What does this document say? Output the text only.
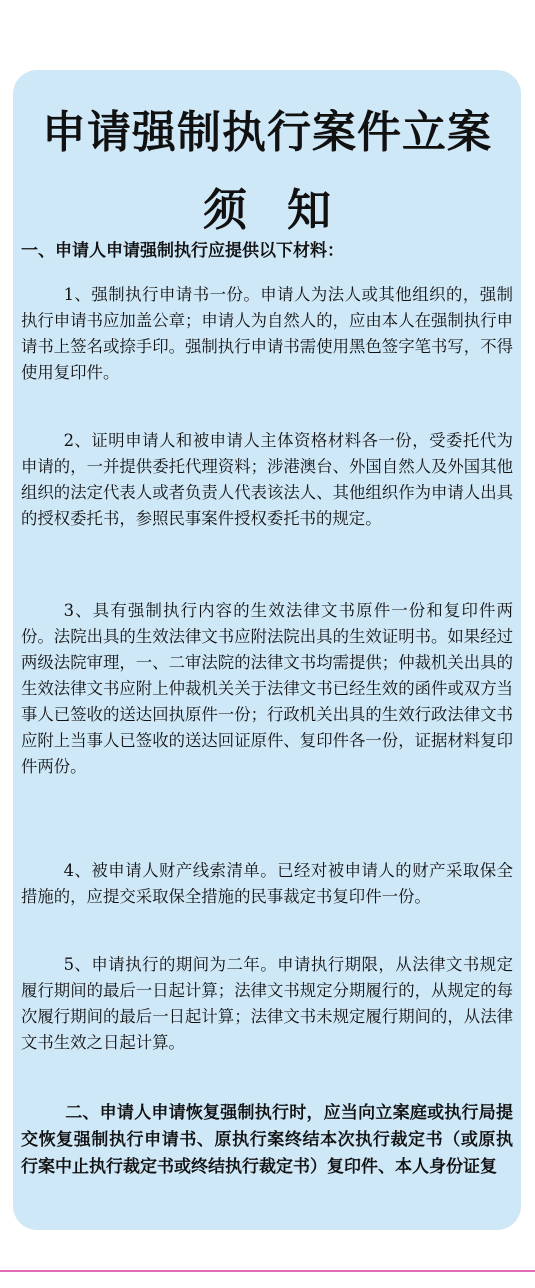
申请强制执行案件立案
须知
一、申请人申请强制执行应提供以下材料：

1、强制执行申请书一份。申请人为法人或其他组织的，强制执行申请书应加盖公章；申请人为自然人的，应由本人在强制执行申请书上签名或捺手印。强制执行申请书需使用黑色签字笔书写，不得使用复印件。

2、证明申请人和被申请人主体资格材料各一份，受委托代为申请的，一并提供委托代理资料；涉港澳台、外国自然人及外国其他组织的法定代表人或者负责人代表该法人、其他组织作为申请人出具的授权委托书，参照民事案件授权委托书的规定。

3、具有强制执行内容的生效法律文书原件一份和复印件两份。法院出具的生效法律文书应附法院出具的生效证明书。如果经过两级法院审理，一、二审法院的法律文书均需提供；仲裁机关出具的生效法律文书应附上仲裁机关关于法律文书已经生效的函件或双方当事人已签收的送达回执原件一份；行政机关出具的生效行政法律文书应附上当事人已签收的送达回证原件、复印件各一份，证据材料复印件两份。

4、被申请人财产线索清单。已经对被申请人的财产采取保全措施的，应提交采取保全措施的民事裁定书复印件一份。

5、申请执行的期间为二年。申请执行期限，从法律文书规定履行期间的最后一日起计算；法律文书规定分期履行的，从规定的每次履行期间的最后一日起计算；法律文书未规定履行期间的，从法律文书生效之日起计算。

二、申请人申请恢复强制执行时，应当向立案庭或执行局提交恢复强制执行申请书、原执行案终结本次执行裁定书（或原执行案中止执行裁定书或终结执行裁定书）复印件、本人身份证复
